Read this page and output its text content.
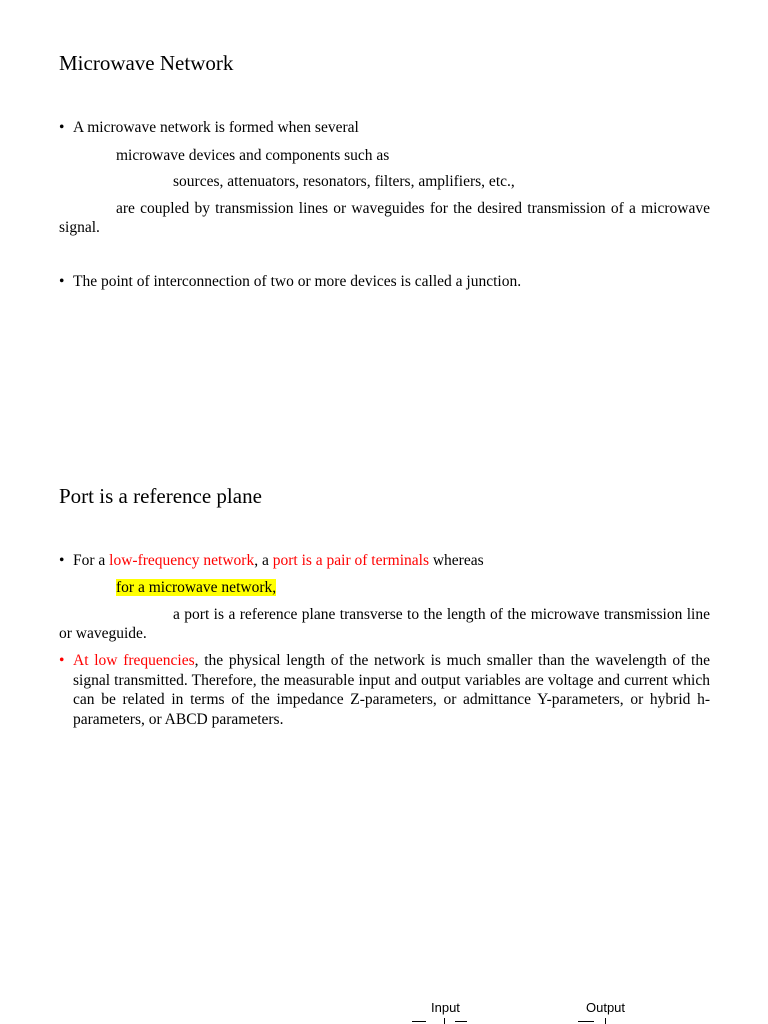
Microwave Network
• A microwave network is formed when several

microwave devices and components such as

sources, attenuators, resonators, filters, amplifiers, etc.,

are coupled by transmission lines or waveguides for the desired transmission of a microwave signal.

• The point of interconnection of two or more devices is called a junction.

Port is a reference plane
• For a low-frequency network, a port is a pair of terminals whereas

for a microwave network,

a port is a reference plane transverse to the length of the microwave transmission line or waveguide.

• At low frequencies, the physical length of the network is much smaller than the wavelength of the signal transmitted. Therefore, the measurable input and output variables are voltage and current which can be related in terms of the impedance Z-parameters, or admittance Y-parameters, or hybrid h-parameters, or ABCD parameters.

Input	Output
